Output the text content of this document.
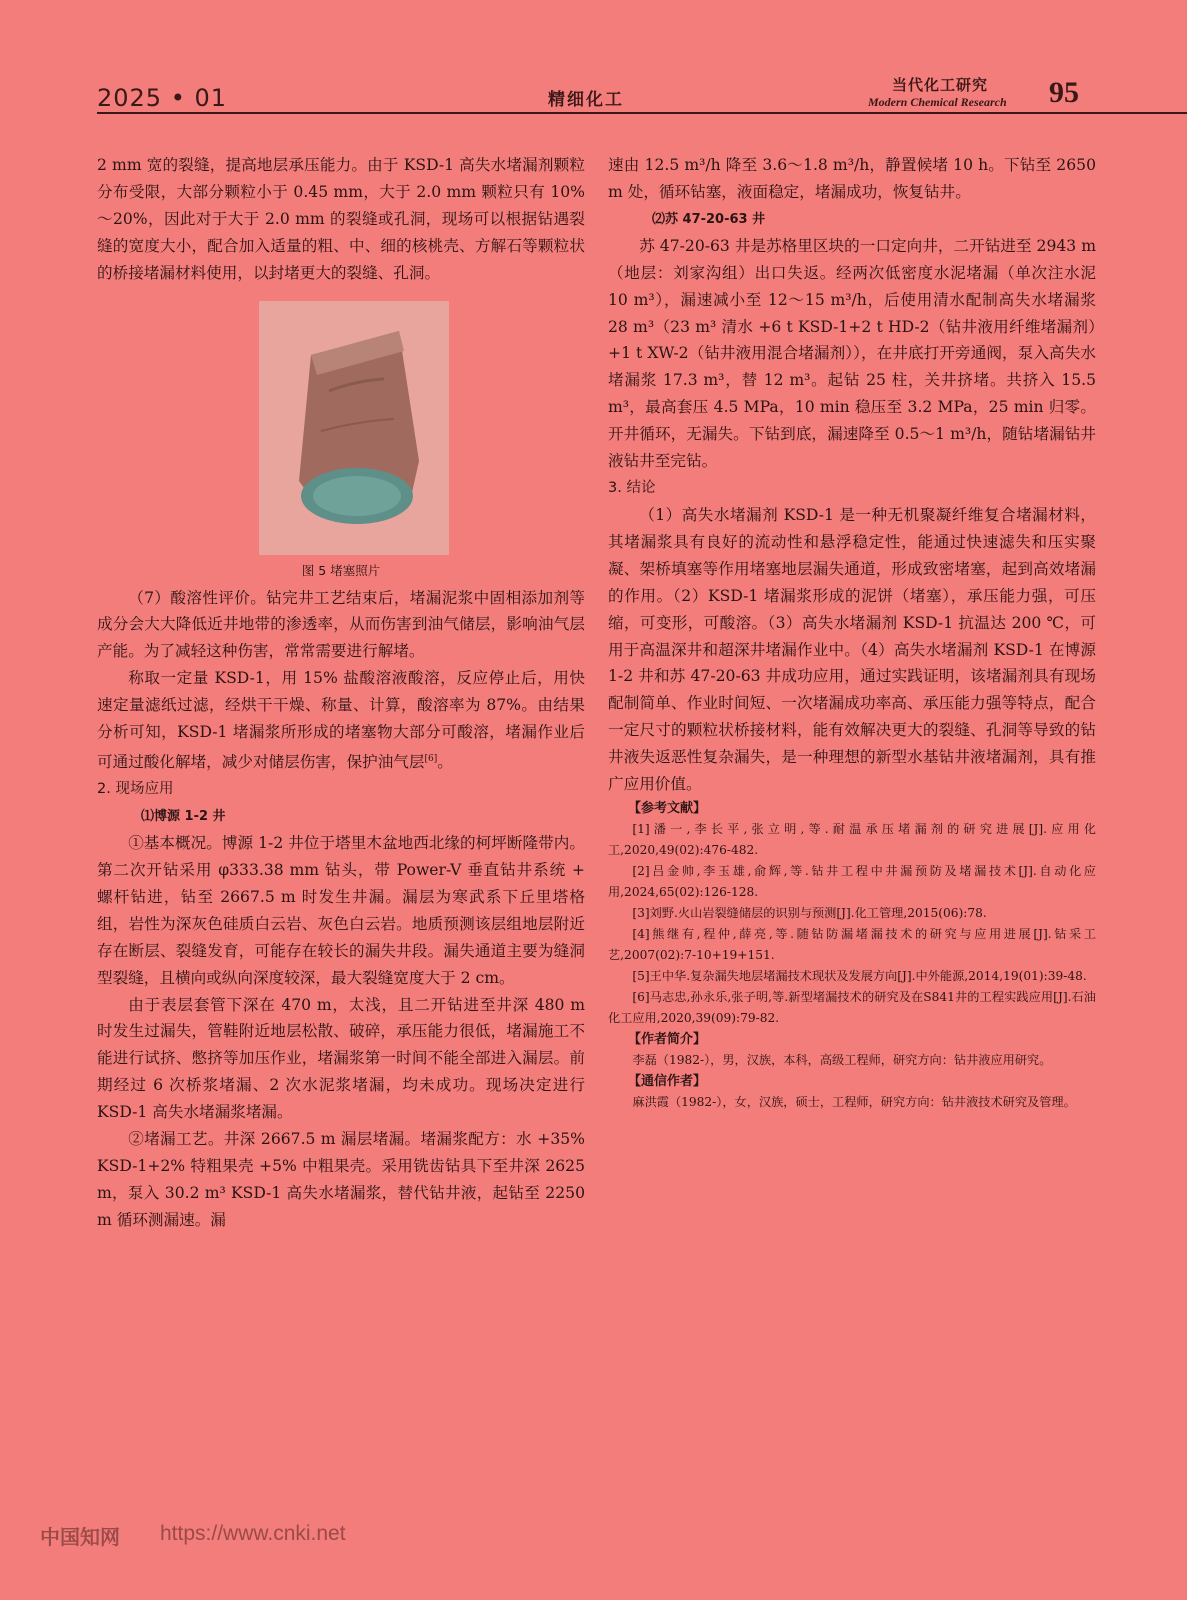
2025 • 01	精细化工
当代化工研究
Modern Chemical Research 95

2 mm 宽的裂缝，提高地层承压能力。由于 KSD-1 高失水堵漏剂颗粒分布受限，大部分颗粒小于 0.45 mm，大于 2.0 mm 颗粒只有 10%～20%，因此对于大于 2.0 mm 的裂缝或孔洞，现场可以根据钻遇裂缝的宽度大小，配合加入适量的粗、中、细的核桃壳、方解石等颗粒状的桥接堵漏材料使用，以封堵更大的裂缝、孔洞。

图 5 堵塞照片

（7）酸溶性评价。钻完井工艺结束后，堵漏泥浆中固相添加剂等成分会大大降低近井地带的渗透率，从而伤害到油气储层，影响油气层产能。为了减轻这种伤害，常常需要进行解堵。

称取一定量 KSD-1，用 15% 盐酸溶液酸溶，反应停止后，用快速定量滤纸过滤，经烘干干燥、称量、计算，酸溶率为 87%。由结果分析可知，KSD-1 堵漏浆所形成的堵塞物大部分可酸溶，堵漏作业后可通过酸化解堵，减少对储层伤害，保护油气层[6]。

2. 现场应用
⑴博源 1-2 井

①基本概况。博源 1-2 井位于塔里木盆地西北缘的柯坪断隆带内。第二次开钻采用 φ333.38 mm 钻头，带 Power-V 垂直钻井系统 + 螺杆钻进，钻至 2667.5 m 时发生井漏。漏层为寒武系下丘里塔格组，岩性为深灰色硅质白云岩、灰色白云岩。地质预测该层组地层附近存在断层、裂缝发育，可能存在较长的漏失井段。漏失通道主要为缝洞型裂缝，且横向或纵向深度较深，最大裂缝宽度大于 2 cm。

由于表层套管下深在 470 m，太浅，且二开钻进至井深 480 m 时发生过漏失，管鞋附近地层松散、破碎，承压能力很低，堵漏施工不能进行试挤、憋挤等加压作业，堵漏浆第一时间不能全部进入漏层。前期经过 6 次桥浆堵漏、2 次水泥浆堵漏，均未成功。现场决定进行 KSD-1 高失水堵漏浆堵漏。

②堵漏工艺。井深 2667.5 m 漏层堵漏。堵漏浆配方：水 +35% KSD-1+2% 特粗果壳 +5% 中粗果壳。采用铣齿钻具下至井深 2625 m，泵入 30.2 m³ KSD-1 高失水堵漏浆，替代钻井液，起钻至 2250 m 循环测漏速。漏

速由 12.5 m³/h 降至 3.6～1.8 m³/h，静置候堵 10 h。下钻至 2650 m 处，循环钻塞，液面稳定，堵漏成功，恢复钻井。

⑵苏 47-20-63 井

苏 47-20-63 井是苏格里区块的一口定向井，二开钻进至 2943 m（地层：刘家沟组）出口失返。经两次低密度水泥堵漏（单次注水泥 10 m³），漏速减小至 12～15 m³/h，后使用清水配制高失水堵漏浆 28 m³（23 m³ 清水 +6 t KSD-1+2 t HD-2（钻井液用纤维堵漏剂）+1 t XW-2（钻井液用混合堵漏剂）），在井底打开旁通阀，泵入高失水堵漏浆 17.3 m³，替 12 m³。起钻 25 柱，关井挤堵。共挤入 15.5 m³，最高套压 4.5 MPa，10 min 稳压至 3.2 MPa，25 min 归零。开井循环，无漏失。下钻到底，漏速降至 0.5～1 m³/h，随钻堵漏钻井液钻井至完钻。

3. 结论

（1）高失水堵漏剂 KSD-1 是一种无机聚凝纤维复合堵漏材料，其堵漏浆具有良好的流动性和悬浮稳定性，能通过快速滤失和压实聚凝、架桥填塞等作用堵塞地层漏失通道，形成致密堵塞，起到高效堵漏的作用。（2）KSD-1 堵漏浆形成的泥饼（堵塞），承压能力强，可压缩，可变形，可酸溶。（3）高失水堵漏剂 KSD-1 抗温达 200 ℃，可用于高温深井和超深井堵漏作业中。（4）高失水堵漏剂 KSD-1 在博源 1-2 井和苏 47-20-63 井成功应用，通过实践证明，该堵漏剂具有现场配制简单、作业时间短、一次堵漏成功率高、承压能力强等特点，配合一定尺寸的颗粒状桥接材料，能有效解决更大的裂缝、孔洞等导致的钻井液失返恶性复杂漏失，是一种理想的新型水基钻井液堵漏剂，具有推广应用价值。

【参考文献】

[1]潘一,李长平,张立明,等.耐温承压堵漏剂的研究进展[J].应用化工,2020,49(02):476-482.

[2]吕金帅,李玉雄,俞辉,等.钻井工程中井漏预防及堵漏技术[J].自动化应用,2024,65(02):126-128.

[3]刘野.火山岩裂缝储层的识别与预测[J].化工管理,2015(06):78.

[4]熊继有,程仲,薛亮,等.随钻防漏堵漏技术的研究与应用进展[J].钻采工艺,2007(02):7-10+19+151.

[5]王中华.复杂漏失地层堵漏技术现状及发展方向[J].中外能源,2014,19(01):39-48.

[6]马志忠,孙永乐,张子明,等.新型堵漏技术的研究及在S841井的工程实践应用[J].石油化工应用,2020,39(09):79-82.

【作者简介】

李磊（1982-），男，汉族，本科，高级工程师，研究方向：钻井液应用研究。

【通信作者】

麻洪霞（1982-），女，汉族，硕士，工程师，研究方向：钻井液技术研究及管理。

中国知网 https://www.cnki.net
